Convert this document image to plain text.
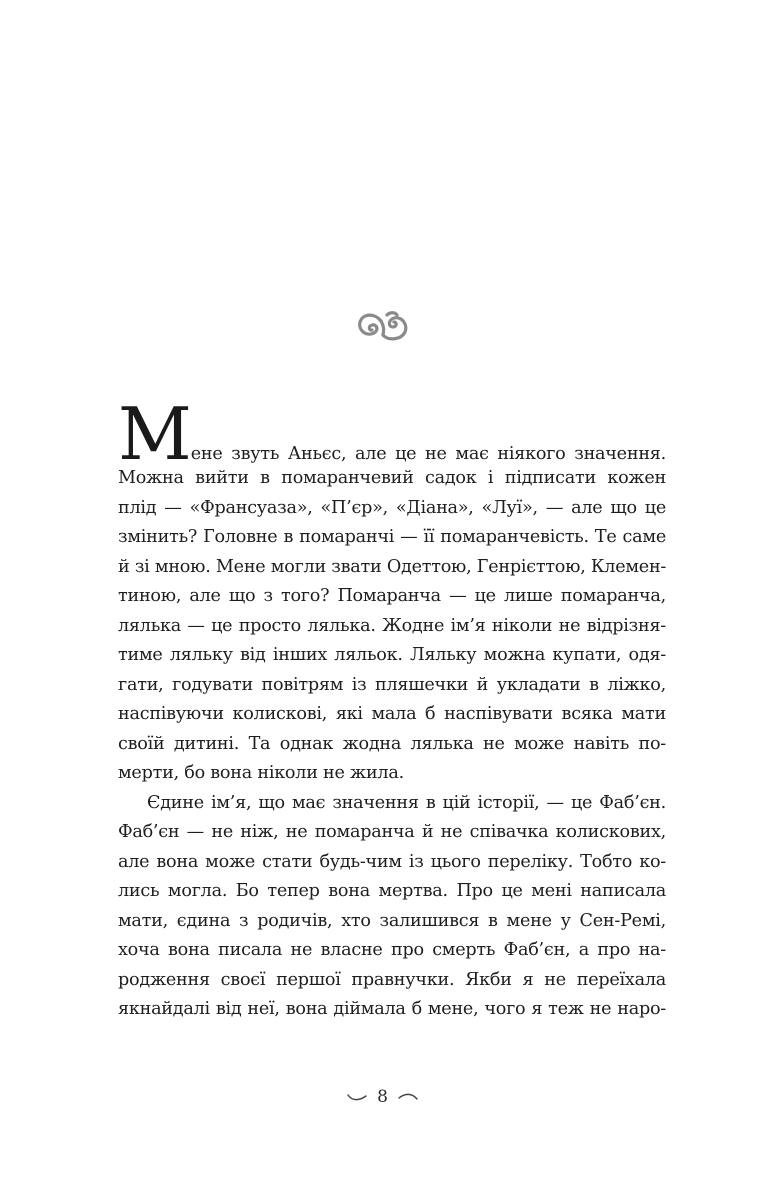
М ене звуть Аньєс, але це не має ніякого значення.
Можна вийти в помаранчевий садок і підписати кожен
плід — «Франсуаза», «П’єр», «Діана», «Луї», — але що це
змінить? Головне в помаранчі — її помаранчевість. Те саме
й зі мною. Мене могли звати Одеттою, Генрієттою, Клемен-
тиною, але що з того? Помаранча — це лише помаранча,
лялька — це просто лялька. Жодне ім’я ніколи не відрізня-
тиме ляльку від інших ляльок. Ляльку можна купати, одя-
гати, годувати повітрям із пляшечки й укладати в ліжко,
наспівуючи колискові, які мала б наспівувати всяка мати
своїй дитині. Та однак жодна лялька не може навіть по-
мерти, бо вона ніколи не жила.
Єдине ім’я, що має значення в цій історії, — це Фаб’єн.
Фаб’єн — не ніж, не помаранча й не співачка колискових,
але вона може стати будь-чим із цього переліку. Тобто ко-
лись могла. Бо тепер вона мертва. Про це мені написала
мати, єдина з родичів, хто залишився в мене у Сен-Ремі,
хоча вона писала не власне про смерть Фаб’єн, а про на-
родження своєї першої правнучки. Якби я не переїхала
якнайдалі від неї, вона діймала б мене, чого я теж не наро-
8
